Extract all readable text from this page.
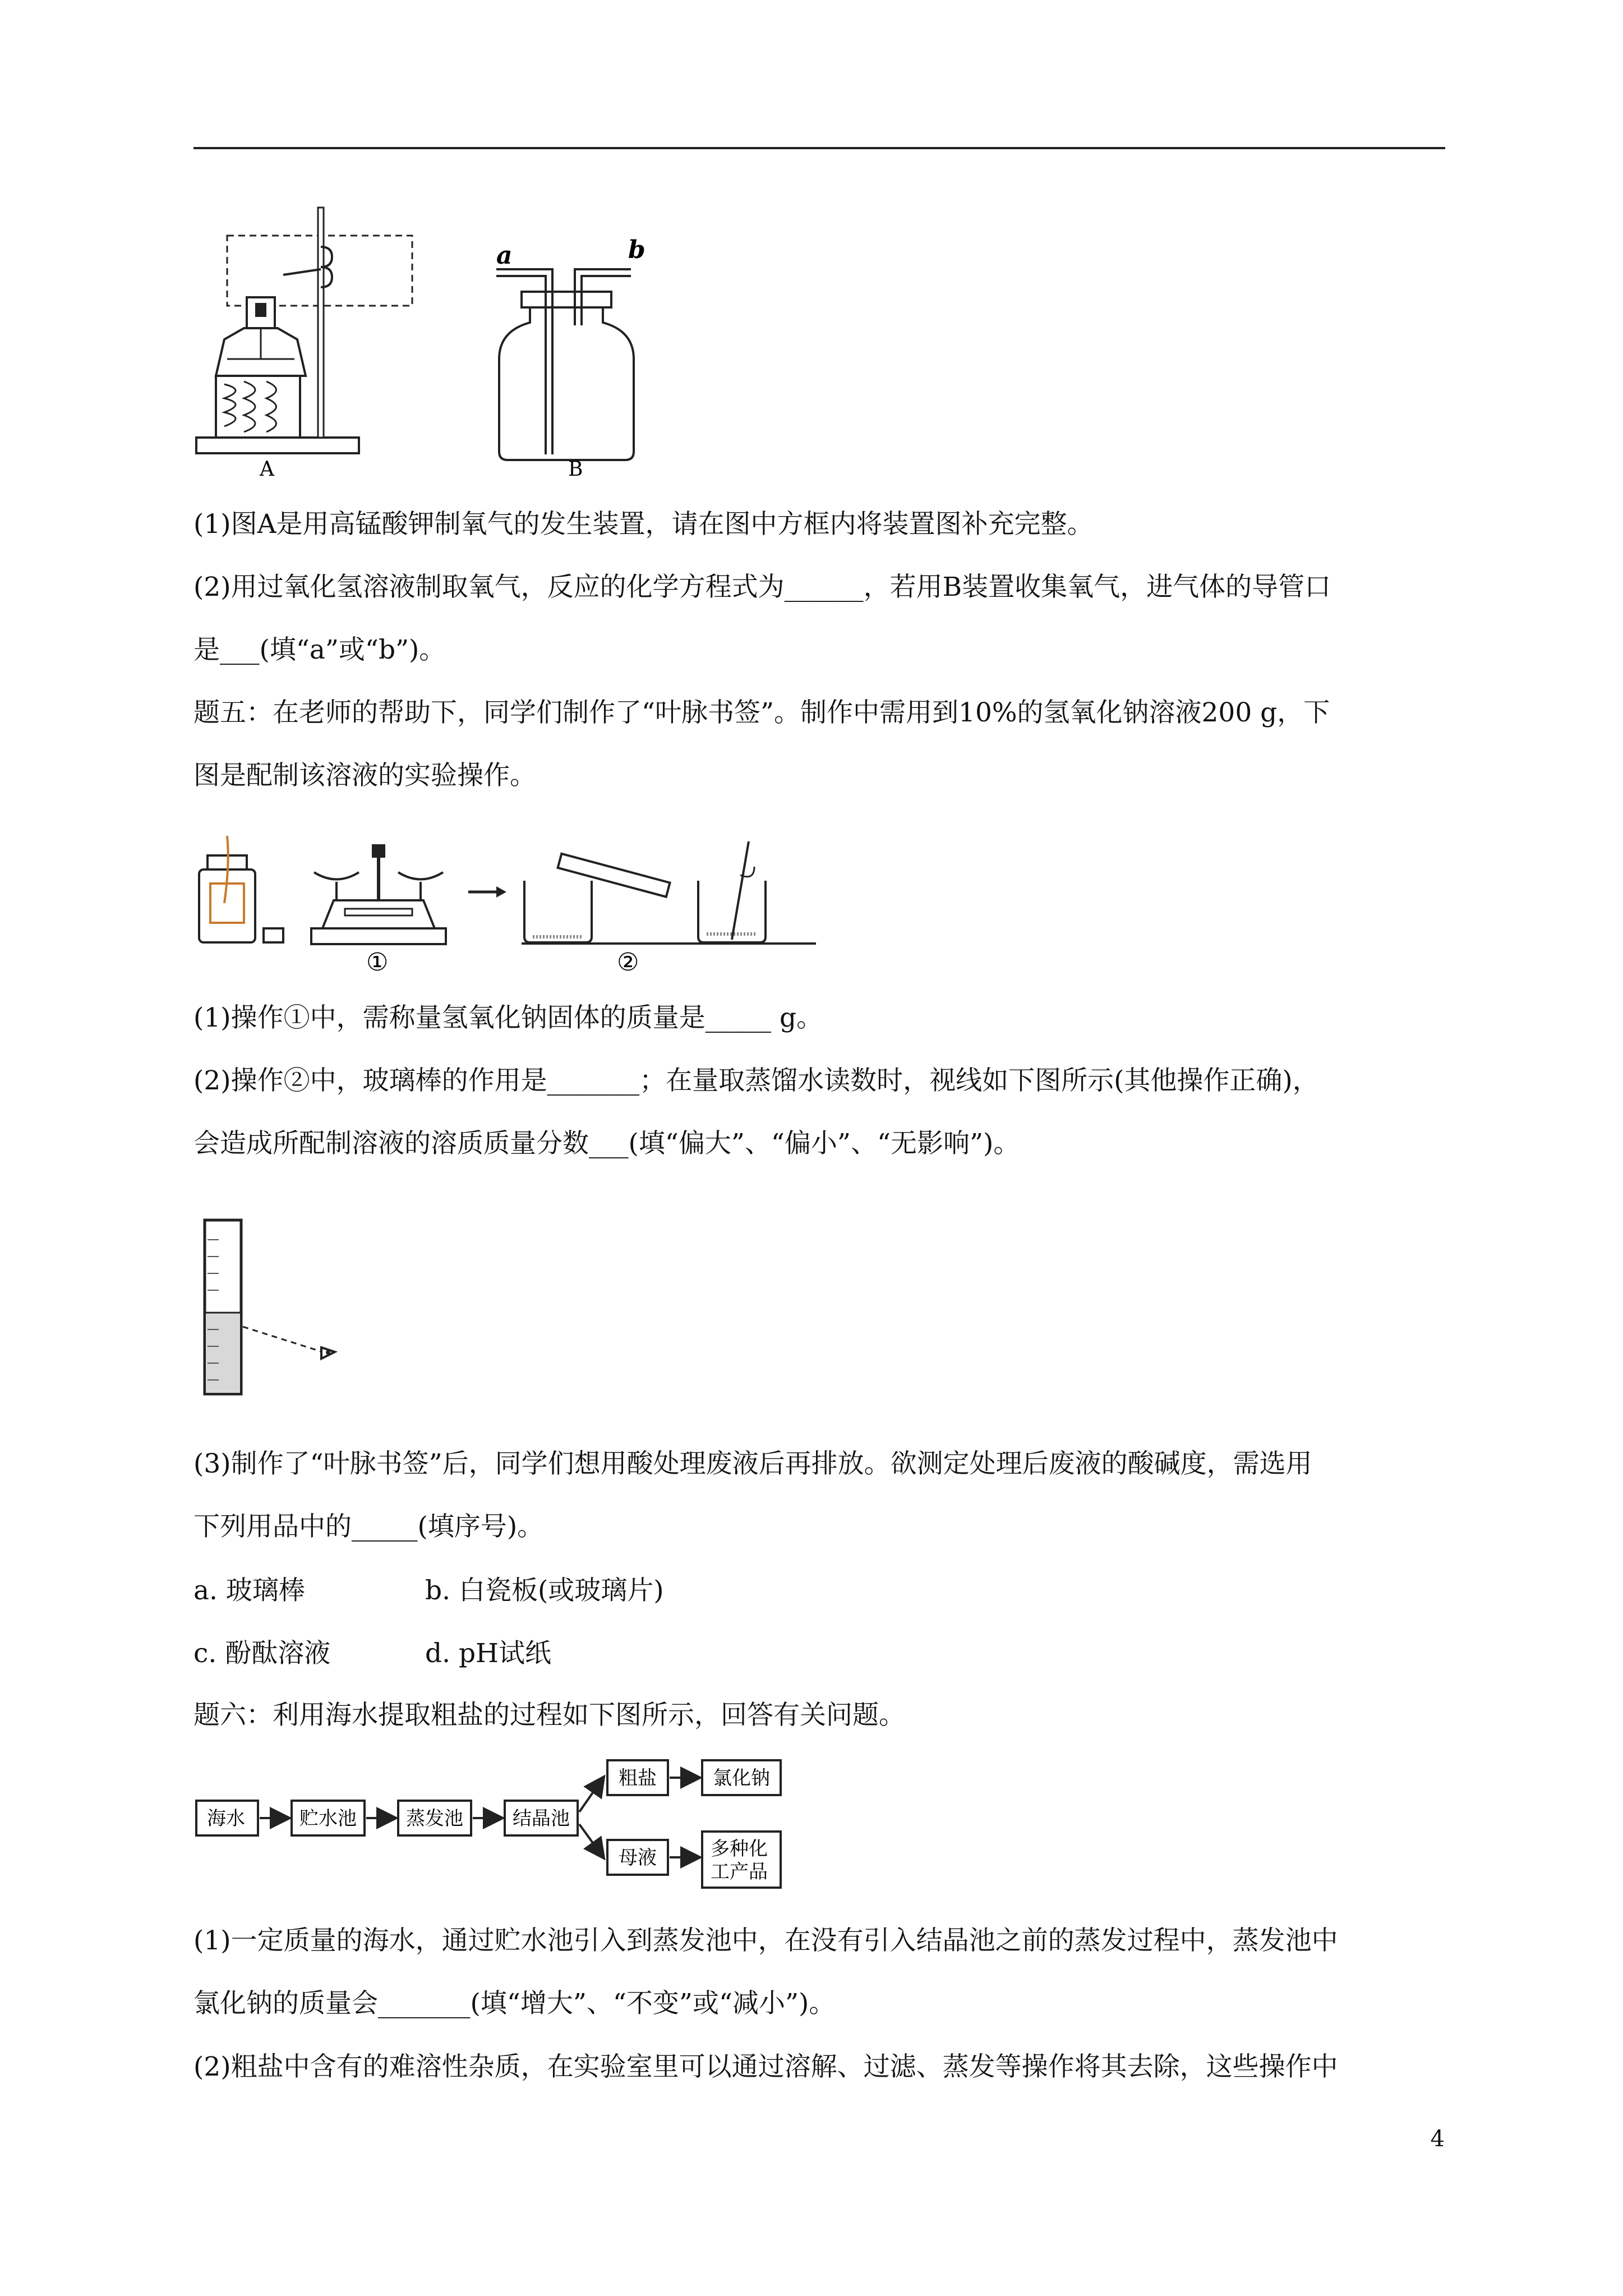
A
a	b
B
(1)图A是用高锰酸钾制氧气的发生装置，请在图中方框内将装置图补充完整。
(2)用过氧化氢溶液制取氧气，反应的化学方程式为______，若用B装置收集氧气，进气体的导管口
是___(填“a”或“b”)。
题五：在老师的帮助下，同学们制作了“叶脉书签”。制作中需用到10%的氢氧化钠溶液200 g，下
图是配制该溶液的实验操作。
①	②
(1)操作①中，需称量氢氧化钠固体的质量是_____ g。
(2)操作②中，玻璃棒的作用是_______；在量取蒸馏水读数时，视线如下图所示(其他操作正确)，
会造成所配制溶液的溶质质量分数___(填“偏大”、“偏小”、“无影响”)。
(3)制作了“叶脉书签”后，同学们想用酸处理废液后再排放。欲测定处理后废液的酸碱度，需选用
下列用品中的_____(填序号)。
a. 玻璃棒	b. 白瓷板(或玻璃片)
c. 酚酞溶液	d. pH试纸
题六：利用海水提取粗盐的过程如下图所示，回答有关问题。
海水	贮水池	蒸发池	结晶池
粗盐	氯化钠
母液	多种化
工产品
(1)一定质量的海水，通过贮水池引入到蒸发池中，在没有引入结晶池之前的蒸发过程中，蒸发池中
氯化钠的质量会_______(填“增大”、“不变”或“减小”)。
(2)粗盐中含有的难溶性杂质，在实验室里可以通过溶解、过滤、蒸发等操作将其去除，这些操作中
4
